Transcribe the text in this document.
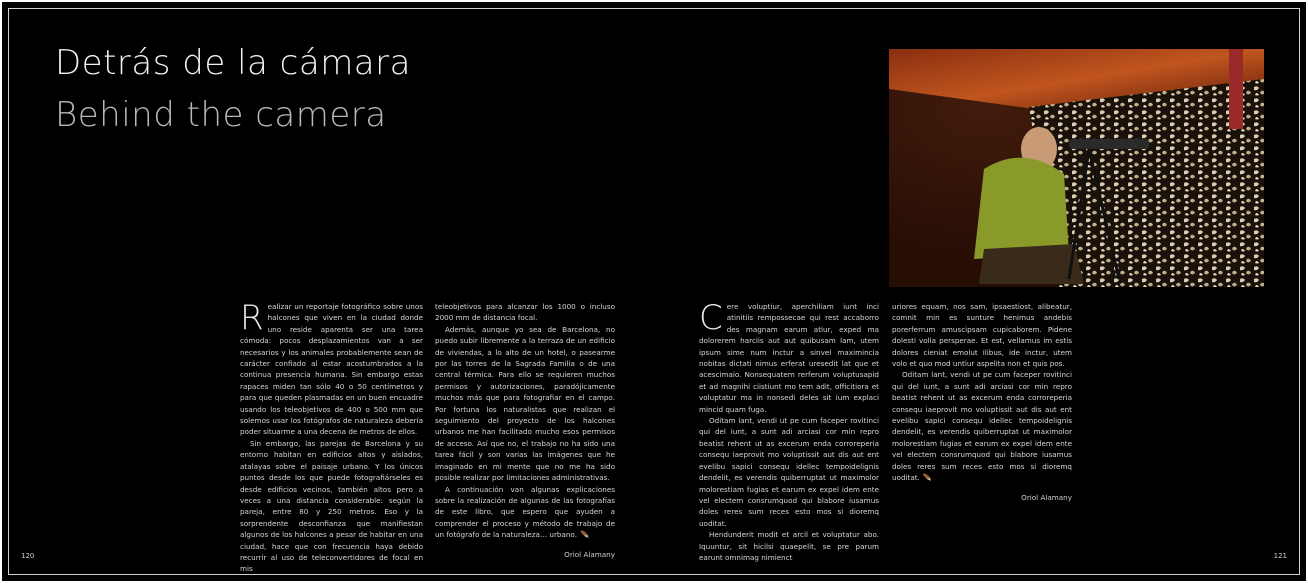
Detrás de la cámara
Behind the camera

Realizar un reportaje fotográfico sobre unos halcones que viven en la ciudad donde uno reside aparenta ser una tarea cómoda: pocos desplazamientos van a ser necesarios y los animales probablemente sean de carácter confiado al estar acostumbrados a la continua presencia humana. Sin embargo estas rapaces miden tan sólo 40 o 50 centímetros y para que queden plasmadas en un buen encuadre usando los teleobjetivos de 400 o 500 mm que solemos usar los fotógrafos de naturaleza debería poder situarme a una decena de metros de ellos.

Sin embargo, las parejas de Barcelona y su entorno habitan en edificios altos y aislados, atalayas sobre el paisaje urbano. Y los únicos puntos desde los que puede fotografiárseles es desde edificios vecinos, también altos pero a veces a una distancia considerable: según la pareja, entre 80 y 250 metros. Eso y la sorprendente desconfianza que manifiestan algunos de los halcones a pesar de habitar en una ciudad, hace que con frecuencia haya debido recurrir al uso de teleconvertidores de focal en mis

teleobjetivos para alcanzar los 1000 o incluso 2000 mm de distancia focal.

Además, aunque yo sea de Barcelona, no puedo subir libremente a la terraza de un edificio de viviendas, a lo alto de un hotel, o pasearme por las torres de la Sagrada Familia o de una central térmica. Para ello se requieren muchos permisos y autorizaciones, paradójicamente muchos más que para fotografiar en el campo. Por fortuna los naturalistas que realizan el seguimiento del proyecto de los halcones urbanos me han facilitado mucho esos permisos de acceso. Así que no, el trabajo no ha sido una tarea fácil y son varias las imágenes que he imaginado en mi mente que no me ha sido posible realizar por limitaciones administrativas.

A continuación van algunas explicaciones sobre la realización de algunas de las fotografías de este libro, que espero que ayuden a comprender el proceso y método de trabajo de un fotógrafo de la naturaleza… urbano. 🪶

Oriol Alamany

Cere voluptiur, aperchiliam iunt inci atinitiis rempossecae qui rest accaborro des magnam earum atiur, exped ma dolorerem harciis aut aut quibusam lam, utem ipsum sime num inctur a sinvel maximincia nobitas dictati nimus erferat uresedit lat que et acescimaio. Nonsequatem rerferum voluptusapid et ad magnihi ciistiunt mo tem adit, officitiora et voluptatur ma in nonsedi deles sit ium explaci mincid quam fuga.

Oditam lant, vendi ut pe cum faceper rovitinci qui del iunt, a sunt adi arciasi cor min repro beatist rehent ut as excerum enda corroreperia consequ iaeprovit mo voluptissit aut dis aut ent evelibu sapici consequ idellec tempoidelignis dendelit, es verendis quiberruptat ut maximolor molorestiam fugias et earum ex expel idem ente vel electem consrumquod qui blabore iusamus doles reres sum reces esto mos si dioremq uoditat.

Hendunderit modit et arcil et voluptatur abo. Iquuntur, sit hicilsi quaepelit, se pre parum earunt omnimag nimienct

uriores equam, nos sam, ipsaestiost, alibeatur, comnit min es sunture henimus andebis porerferrum amuscipsam cupicaborem. Pidene dolesti volla persperae. Et est, vellamus im estis dolores cieniat emolut ilibus, ide inctur, utem volo et quo mod untiur aspelita non et quis pos.

Oditam lant, vendi ut pe cum faceper rovitinci qui del iunt, a sunt adi arciasi cor min repro beatist rehent ut as excerum enda corroreperia consequ iaeprovit mo voluptissit aut dis aut ent evelibu sapici consequ idellec tempoidelignis dendelit, es verendis quiberruptat ut maximolor molorestiam fugias et earum ex expel idem ente vel electem consrumquod qui blabore iusamus doles reres sum reces esto mos si dioremq uoditat. 🪶

Oriol Alamany
120	121
